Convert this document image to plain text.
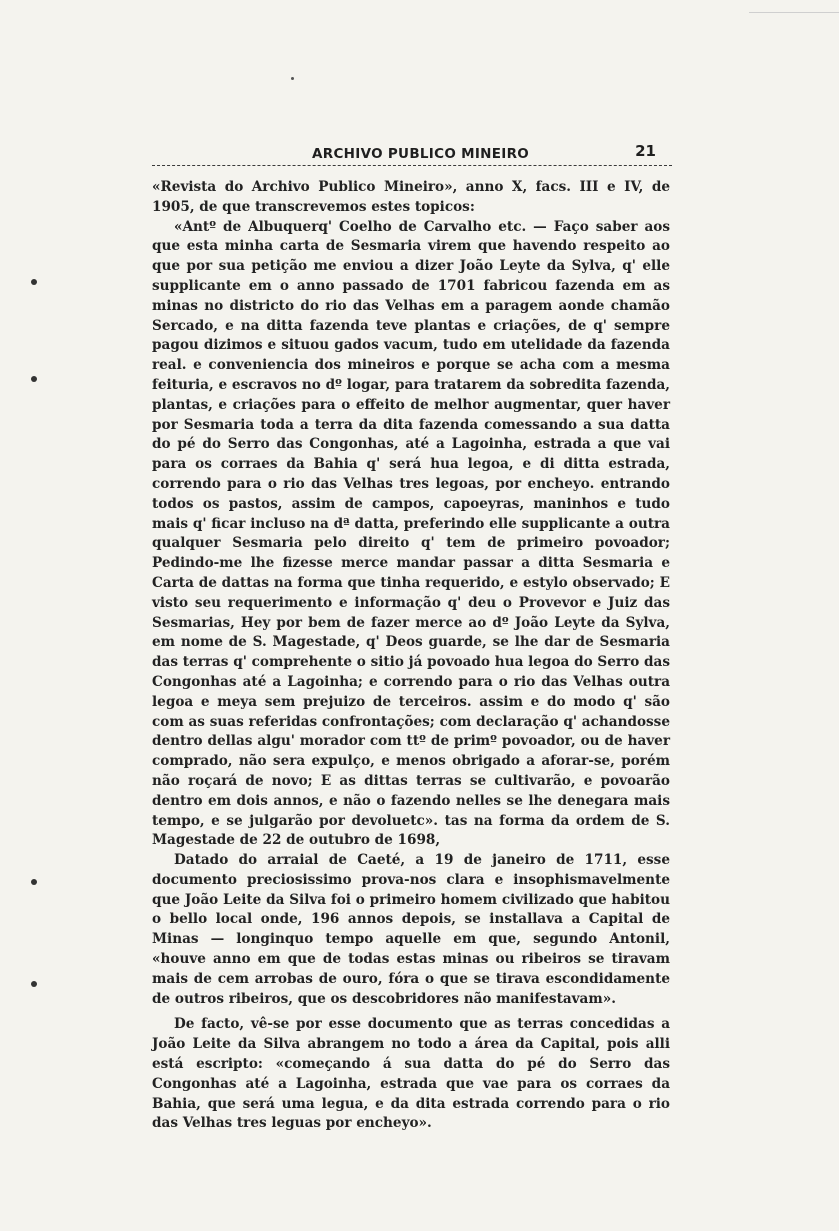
ARCHIVO PUBLICO MINEIRO	21

«Revista do Archivo Publico Mineiro», anno X, facs. III e IV, de 1905, de que transcrevemos estes topicos:

«Antº de Albuquerq' Coelho de Carvalho etc. — Faço saber aos que esta minha carta de Sesmaria virem que havendo respeito ao que por sua petição me enviou a dizer João Leyte da Sylva, q' elle supplicante em o anno passado de 1701 fabricou fazenda em as minas no districto do rio das Velhas em a paragem aonde chamão Sercado, e na ditta fazenda teve plantas e criações, de q' sempre pagou dizimos e situou gados vacum, tudo em utelidade da fazenda real. e conveniencia dos mineiros e porque se acha com a mesma feituria, e escravos no dº logar, para tratarem da sobredita fazenda, plantas, e criações para o effeito de melhor augmentar, quer haver por Sesmaria toda a terra da dita fazenda comessando a sua datta do pé do Serro das Congonhas, até a Lagoinha, estrada a que vai para os corraes da Bahia q' será hua legoa, e di ditta estrada, correndo para o rio das Velhas tres legoas, por encheyo. entrando todos os pastos, assim de campos, capoeyras, maninhos e tudo mais q' ficar incluso na dª datta, preferindo elle supplicante a outra qualquer Sesmaria pelo direito q' tem de primeiro povoador; Pedindo-me lhe fizesse merce mandar passar a ditta Sesmaria e Carta de dattas na forma que tinha requerido, e estylo observado; E visto seu requerimento e informação q' deu o Provevor e Juiz das Sesmarias, Hey por bem de fazer merce ao dº João Leyte da Sylva, em nome de S. Magestade, q' Deos guarde, se lhe dar de Sesmaria das terras q' comprehente o sitio já povoado hua legoa do Serro das Congonhas até a Lagoinha; e correndo para o rio das Velhas outra legoa e meya sem prejuizo de terceiros. assim e do modo q' são com as suas referidas confrontações; com declaração q' achandosse dentro dellas algu' morador com ttº de primº povoador, ou de haver comprado, não sera expulço, e menos obrigado a aforar-se, porém não roçará de novo; E as dittas terras se cultivarão, e povoarão dentro em dois annos, e não o fazendo nelles se lhe denegara mais tempo, e se julgarão por devoluetc». tas na forma da ordem de S. Magestade de 22 de outubro de 1698,

Datado do arraial de Caeté, a 19 de janeiro de 1711, esse documento preciosissimo prova-nos clara e insophismavelmente que João Leite da Silva foi o primeiro homem civilizado que habitou o bello local onde, 196 annos depois, se installava a Capital de Minas — longinquo tempo aquelle em que, segundo Antonil, «houve anno em que de todas estas minas ou ribeiros se tiravam mais de cem arrobas de ouro, fóra o que se tirava escondidamente de outros ribeiros, que os descobridores não manifestavam».

De facto, vê-se por esse documento que as terras concedidas a João Leite da Silva abrangem no todo a área da Capital, pois alli está escripto: «começando á sua datta do pé do Serro das Congonhas até a Lagoinha, estrada que vae para os corraes da Bahia, que será uma legua, e da dita estrada correndo para o rio das Velhas tres leguas por encheyo».
